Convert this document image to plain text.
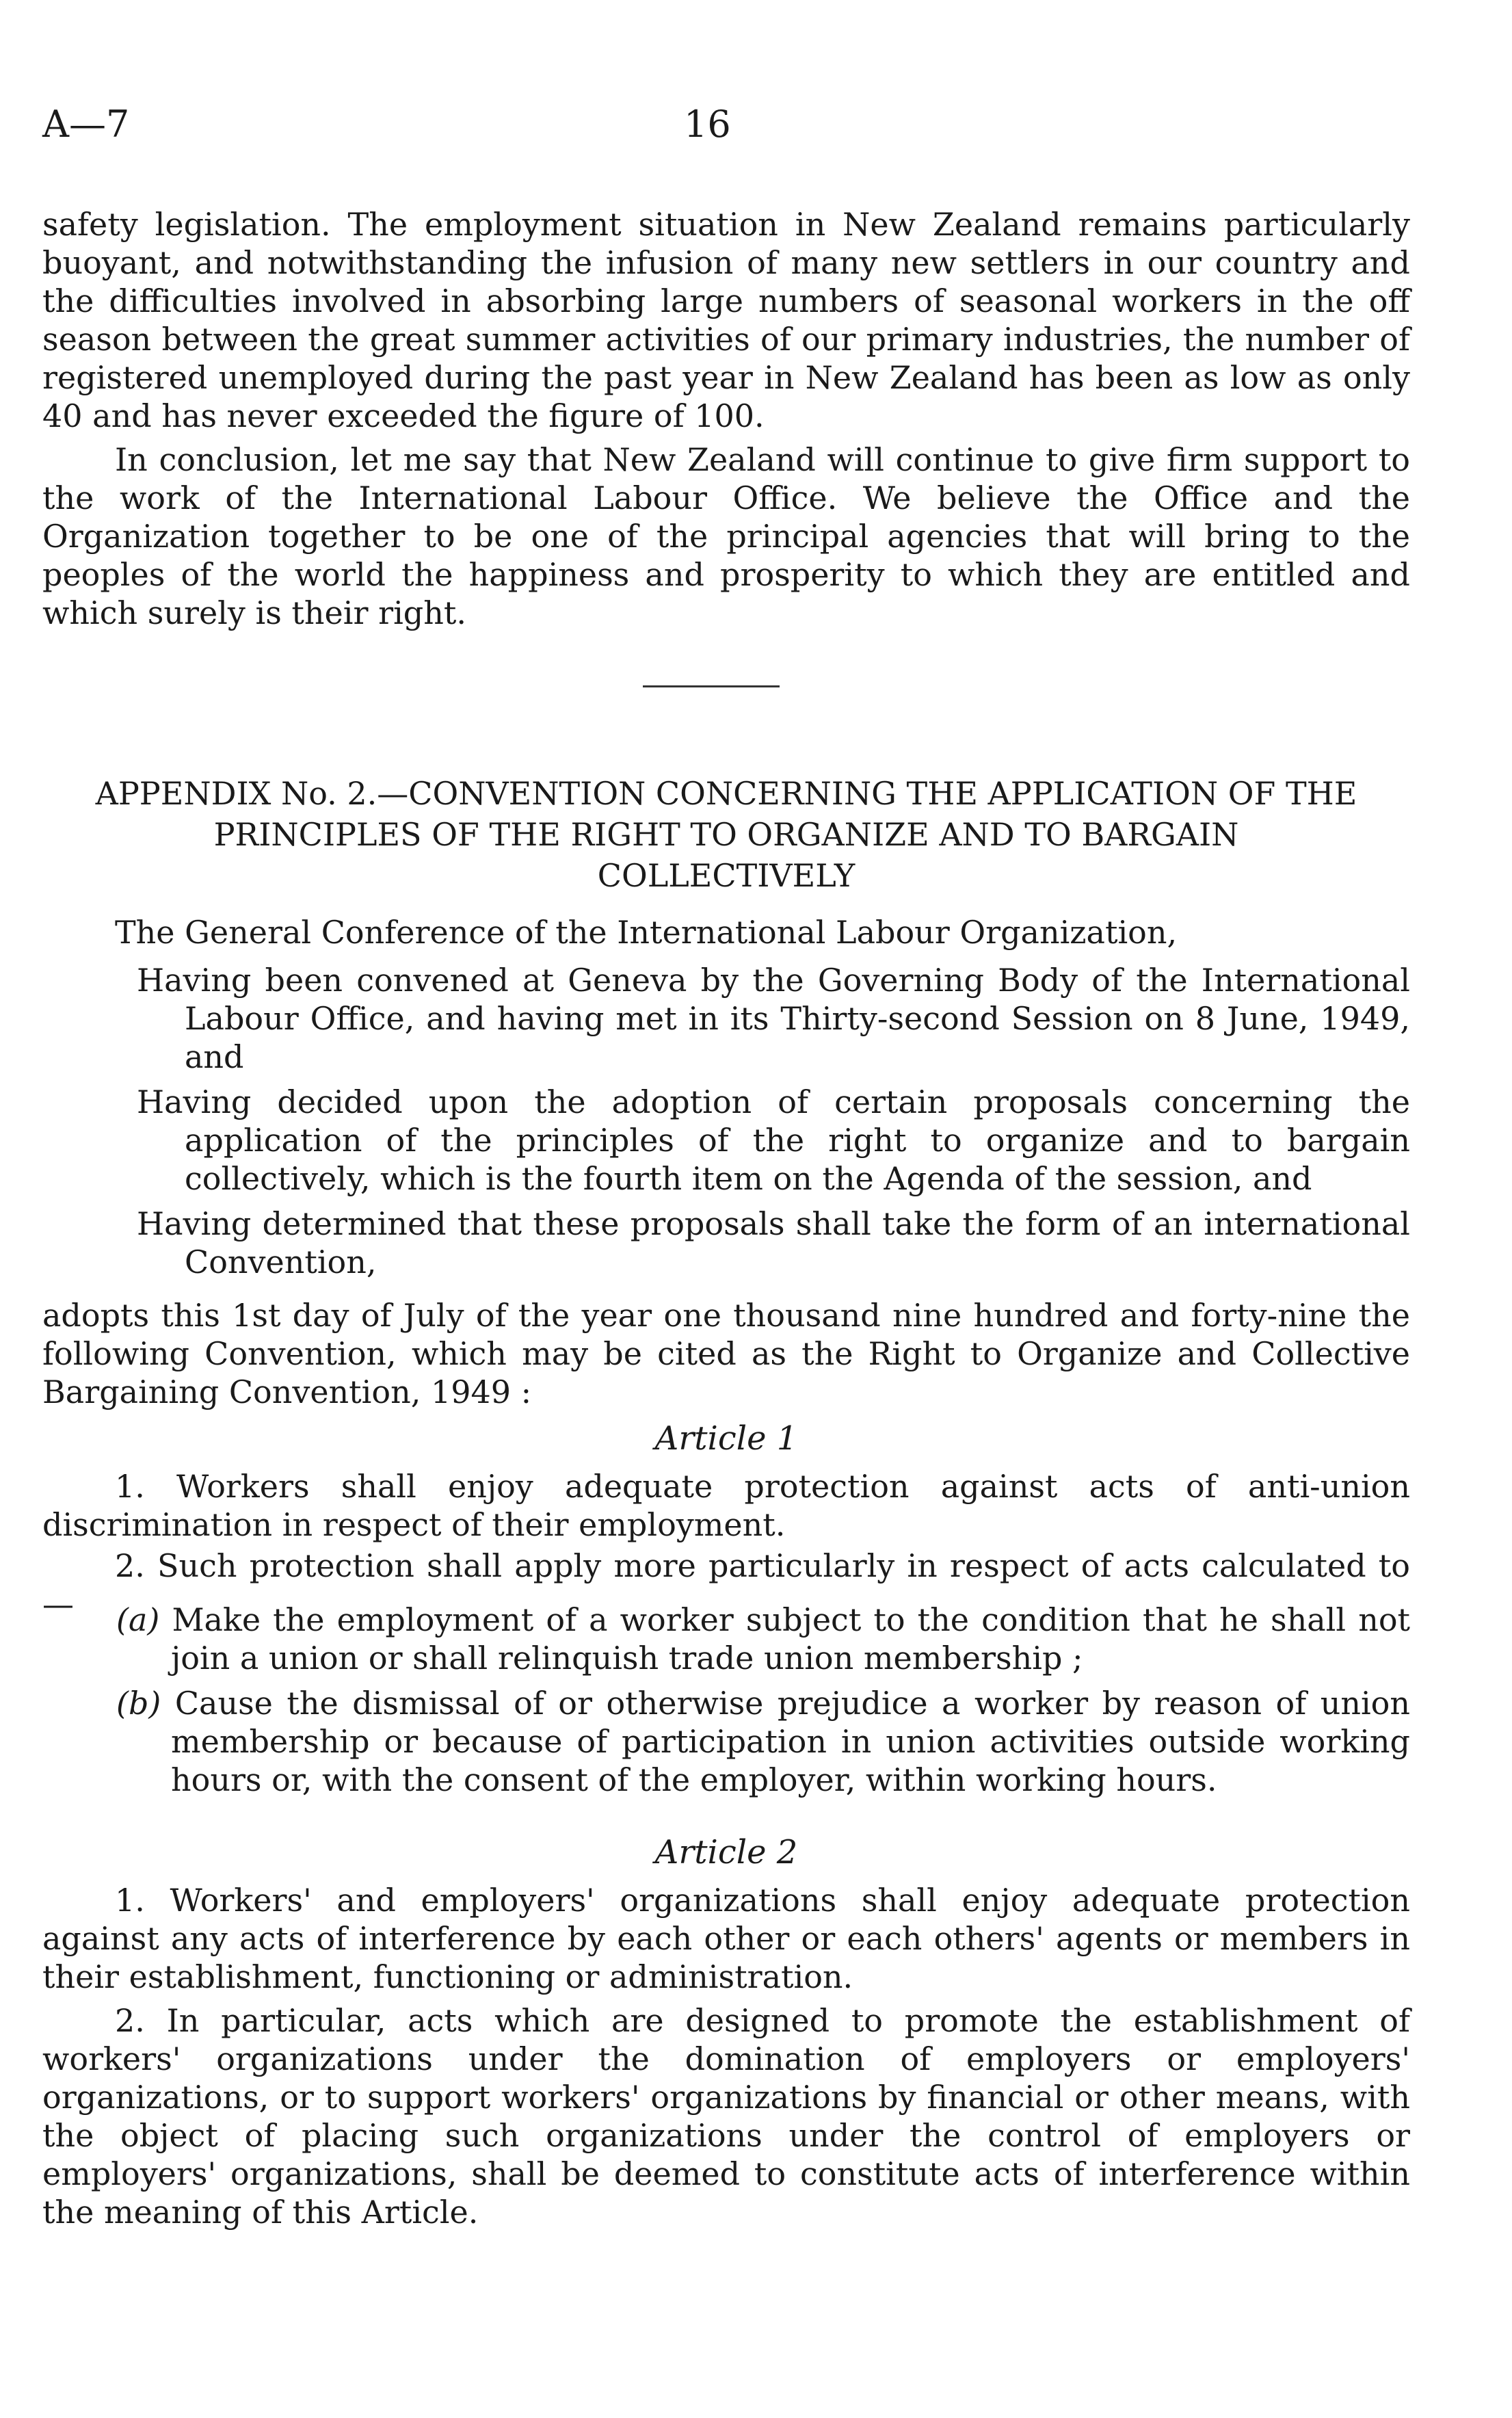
A—7	16

safety legislation. The employment situation in New Zealand remains particularly buoyant, and notwithstanding the infusion of many new settlers in our country and the difficulties involved in absorbing large numbers of seasonal workers in the off season between the great summer activities of our primary industries, the number of registered unemployed during the past year in New Zealand has been as low as only 40 and has never exceeded the figure of 100.

In conclusion, let me say that New Zealand will continue to give firm support to the work of the International Labour Office. We believe the Office and the Organization together to be one of the principal agencies that will bring to the peoples of the world the happiness and prosperity to which they are entitled and which surely is their right.

APPENDIX No. 2.—CONVENTION CONCERNING THE APPLICATION OF THE
PRINCIPLES OF THE RIGHT TO ORGANIZE AND TO BARGAIN
COLLECTIVELY

The General Conference of the International Labour Organization,

Having been convened at Geneva by the Governing Body of the International Labour Office, and having met in its Thirty-second Session on 8 June, 1949, and

Having decided upon the adoption of certain proposals concerning the application of the principles of the right to organize and to bargain collectively, which is the fourth item on the Agenda of the session, and

Having determined that these proposals shall take the form of an international Convention,

adopts this 1st day of July of the year one thousand nine hundred and forty-nine the following Convention, which may be cited as the Right to Organize and Collective Bargaining Convention, 1949 :

Article 1

1. Workers shall enjoy adequate protection against acts of anti-union discrimination in respect of their employment.

2. Such protection shall apply more particularly in respect of acts calculated to—	(a) Make the employment of a worker subject to the condition that he shall not join a union or shall relinquish trade union membership ;

(b) Cause the dismissal of or otherwise prejudice a worker by reason of union membership or because of participation in union activities outside working hours or, with the consent of the employer, within working hours.

Article 2

1. Workers' and employers' organizations shall enjoy adequate protection against any acts of interference by each other or each others' agents or members in their establishment, functioning or administration.

2. In particular, acts which are designed to promote the establishment of workers' organizations under the domination of employers or employers' organizations, or to support workers' organizations by financial or other means, with the object of placing such organizations under the control of employers or employers' organizations, shall be deemed to constitute acts of interference within the meaning of this Article.
